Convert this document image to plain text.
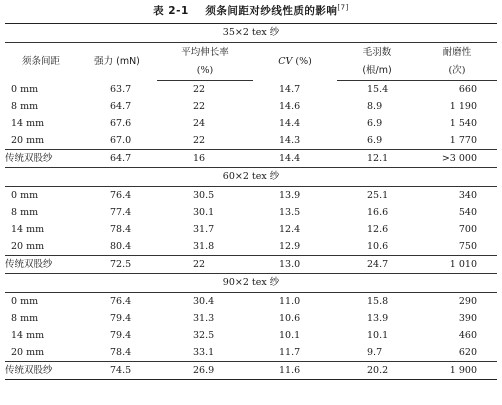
表 2-1 须条间距对纱线性质的影响[7]
35×2 tex 纱					
须条间距	强力 (mN)	平均伸长率	CV (%)	毛羽数	耐磨性
		(%)		(根/m)	(次)
0 mm	63.7	22	14.7	15.4	660
8 mm	64.7	22	14.6	8.9	1 190
14 mm	67.6	24	14.4	6.9	1 540
20 mm	67.0	22	14.3	6.9	1 770
传统双股纱	64.7	16	14.4	12.1	>3 000
60×2 tex 纱					
0 mm	76.4	30.5	13.9	25.1	340
8 mm	77.4	30.1	13.5	16.6	540
14 mm	78.4	31.7	12.4	12.6	700
20 mm	80.4	31.8	12.9	10.6	750
传统双股纱	72.5	22	13.0	24.7	1 010
90×2 tex 纱					
0 mm	76.4	30.4	11.0	15.8	290
8 mm	79.4	31.3	10.6	13.9	390
14 mm	79.4	32.5	10.1	10.1	460
20 mm	78.4	33.1	11.7	9.7	620
传统双股纱	74.5	26.9	11.6	20.2	1 900
